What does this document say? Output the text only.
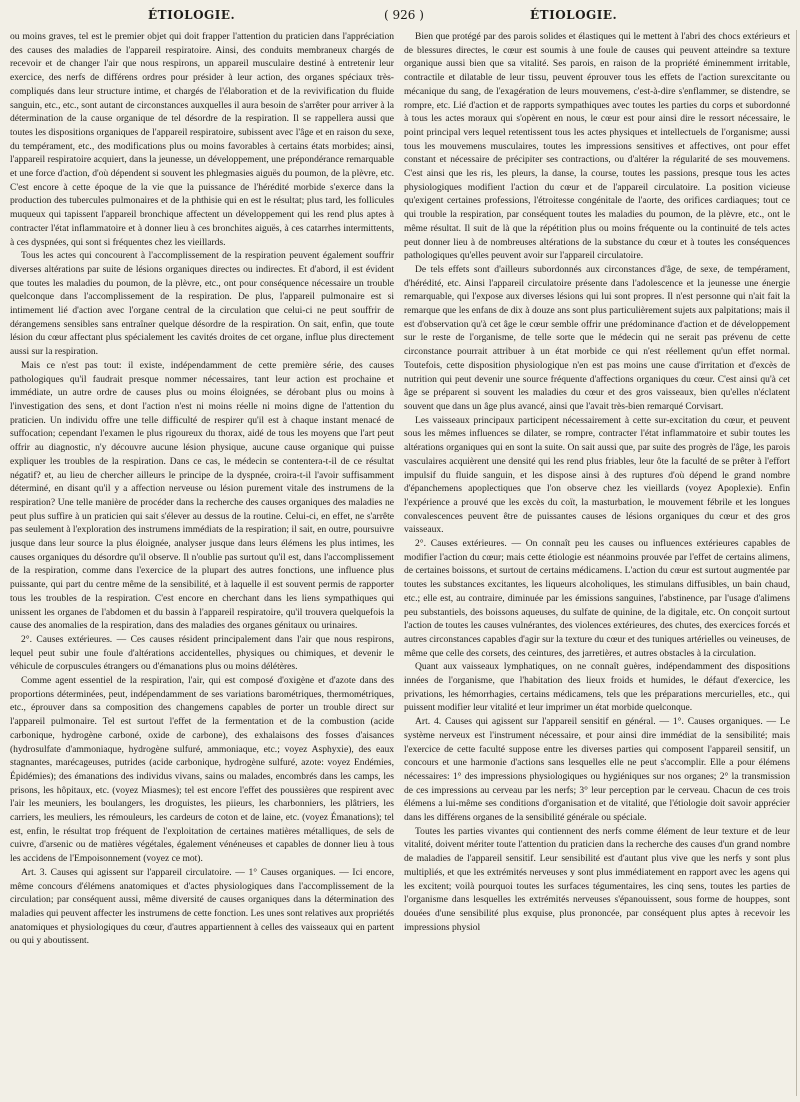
ÉTIOLOGIE.	( 926 )	ÉTIOLOGIE.

ou moins graves, tel est le premier objet qui doit frapper l'attention du praticien dans l'appréciation des causes des maladies de l'appareil respiratoire. Ainsi, des conduits membraneux chargés de recevoir et de changer l'air que nous respirons, un appareil musculaire destiné à entretenir leur exercice, des nerfs de différens ordres pour présider à leur action, des organes spéciaux très-compliqués dans leur structure intime, et chargés de l'élaboration et de la revivification du fluide sanguin, etc., etc., sont autant de circonstances auxquelles il aura besoin de s'arrêter pour arriver à la détermination de la cause organique de tel désordre de la respiration. Il se rappellera aussi que toutes les dispositions organiques de l'appareil respiratoire, subissent avec l'âge et en raison du sexe, du tempérament, etc., des modifications plus ou moins favorables à certains états morbides; ainsi, l'appareil respiratoire acquiert, dans la jeunesse, un développement, une prépondérance remarquable et une force d'action, d'où dépendent si souvent les phlegmasies aiguës du poumon, de la plèvre, etc. C'est encore à cette époque de la vie que la puissance de l'hérédité morbide s'exerce dans la production des tubercules pulmonaires et de la phthisie qui en est le résultat; plus tard, les follicules muqueux qui tapissent l'appareil bronchique affectent un développement qui les rend plus aptes à contracter l'état inflammatoire et à donner lieu à ces bronchites aiguës, à ces catarrhes intermittents, à ces dyspnées, qui sont si fréquentes chez les vieillards.

Tous les actes qui concourent à l'accomplissement de la respiration peuvent également souffrir diverses altérations par suite de lésions organiques directes ou indirectes. Et d'abord, il est évident que toutes les maladies du poumon, de la plèvre, etc., ont pour conséquence nécessaire un trouble quelconque dans l'accomplissement de la respiration. De plus, l'appareil pulmonaire est si intimement lié d'action avec l'organe central de la circulation que celui-ci ne peut souffrir de dérangemens sensibles sans entraîner quelque désordre de la respiration. On sait, enfin, que toute lésion du cœur affectant plus spécialement les cavités droites de cet organe, influe plus directement aussi sur la respiration.

Mais ce n'est pas tout: il existe, indépendamment de cette première série, des causes pathologiques qu'il faudrait presque nommer nécessaires, tant leur action est prochaine et immédiate, un autre ordre de causes plus ou moins éloignées, se dérobant plus ou moins à l'investigation des sens, et dont l'action n'est ni moins réelle ni moins digne de l'attention du praticien. Un individu offre une telle difficulté de respirer qu'il est à chaque instant menacé de suffocation; cependant l'examen le plus rigoureux du thorax, aidé de tous les moyens que l'art peut offrir au diagnostic, n'y découvre aucune lésion physique, aucune cause organique qui puisse expliquer les troubles de la respiration. Dans ce cas, le médecin se contentera-t-il de ce résultat négatif? et, au lieu de chercher ailleurs le principe de la dyspnée, croira-t-il l'avoir suffisamment déterminé, en disant qu'il y a affection nerveuse ou lésion purement vitale des instrumens de la respiration? Une telle manière de procéder dans la recherche des causes organiques des maladies ne peut plus suffire à un praticien qui sait s'élever au dessus de la routine. Celui-ci, en effet, ne s'arrête pas seulement à l'exploration des instrumens immédiats de la respiration; il sait, en outre, poursuivre jusque dans leur source la plus éloignée, analyser jusque dans leurs élémens les plus intimes, les causes organiques du désordre qu'il observe. Il n'oublie pas surtout qu'il est, dans l'accomplissement de la respiration, comme dans l'exercice de la plupart des autres fonctions, une influence plus puissante, qui part du centre même de la sensibilité, et à laquelle il est souvent permis de rapporter tous les troubles de la respiration. C'est encore en cherchant dans les liens sympathiques qui unissent les organes de l'abdomen et du bassin à l'appareil respiratoire, qu'il trouvera quelquefois la cause des anomalies de la respiration, dans des maladies des organes génitaux ou urinaires.

2°. Causes extérieures. — Ces causes résident principalement dans l'air que nous respirons, lequel peut subir une foule d'altérations accidentelles, physiques ou chimiques, et devenir le véhicule de corpuscules étrangers ou d'émanations plus ou moins délétères.

Comme agent essentiel de la respiration, l'air, qui est composé d'oxigène et d'azote dans des proportions déterminées, peut, indépendamment de ses variations barométriques, thermométriques, etc., éprouver dans sa composition des changemens capables de porter un trouble direct sur l'appareil pulmonaire. Tel est surtout l'effet de la fermentation et de la combustion (acide carbonique, hydrogène carboné, oxide de carbone), des exhalaisons des fosses d'aisances (hydrosulfate d'ammoniaque, hydrogène sulfuré, ammoniaque, etc.; voyez Asphyxie), des eaux stagnantes, marécageuses, putrides (acide carbonique, hydrogène sulfuré, azote: voyez Endémies, Épidémies); des émanations des individus vivans, sains ou malades, encombrés dans les camps, les prisons, les hôpitaux, etc. (voyez Miasmes); tel est encore l'effet des poussières que respirent avec l'air les meuniers, les boulangers, les droguistes, les piieurs, les charbonniers, les plâtriers, les carriers, les meuliers, les rémouleurs, les cardeurs de coton et de laine, etc. (voyez Émanations); tel est, enfin, le résultat trop fréquent de l'exploitation de certaines matières métalliques, de sels de cuivre, d'arsenic ou de matières végétales, également vénéneuses et capables de donner lieu à tous les accidens de l'Empoisonnement (voyez ce mot).

Art. 3. Causes qui agissent sur l'appareil circulatoire. — 1° Causes organiques. — Ici encore, même concours d'élémens anatomiques et d'actes physiologiques dans l'accomplissement de la circulation; par conséquent aussi, même diversité de causes organiques dans la détermination des maladies qui peuvent affecter les instrumens de cette fonction. Les unes sont relatives aux propriétés anatomiques et physiologiques du cœur, d'autres appartiennent à celles des vaisseaux qui en partent ou qui y aboutissent.

Bien que protégé par des parois solides et élastiques qui le mettent à l'abri des chocs extérieurs et de blessures directes, le cœur est soumis à une foule de causes qui peuvent atteindre sa texture organique aussi bien que sa vitalité. Ses parois, en raison de la propriété éminemment irritable, contractile et dilatable de leur tissu, peuvent éprouver tous les effets de l'action surexcitante ou mécanique du sang, de l'exagération de leurs mouvemens, c'est-à-dire s'enflammer, se distendre, se rompre, etc. Lié d'action et de rapports sympathiques avec toutes les parties du corps et subordonné à tous les actes moraux qui s'opèrent en nous, le cœur est pour ainsi dire le ressort nécessaire, le point principal vers lequel retentissent tous les actes physiques et intellectuels de l'organisme; aussi tous les mouvemens musculaires, toutes les impressions sensitives et affectives, ont pour effet constant et nécessaire de précipiter ses contractions, ou d'altérer la régularité de ses mouvemens. C'est ainsi que les ris, les pleurs, la danse, la course, toutes les passions, presque tous les actes physiologiques modifient l'action du cœur et de l'appareil circulatoire. La position vicieuse qu'exigent certaines professions, l'étroitesse congénitale de l'aorte, des orifices cardiaques; tout ce qui trouble la respiration, par conséquent toutes les maladies du poumon, de la plèvre, etc., ont le même résultat. Il suit de là que la répétition plus ou moins fréquente ou la continuité de tels actes peut donner lieu à de nombreuses altérations de la substance du cœur et à toutes les conséquences pathologiques qu'elles peuvent avoir sur l'appareil circulatoire.

De tels effets sont d'ailleurs subordonnés aux circonstances d'âge, de sexe, de tempérament, d'hérédité, etc. Ainsi l'appareil circulatoire présente dans l'adolescence et la jeunesse une énergie remarquable, qui l'expose aux diverses lésions qui lui sont propres. Il n'est personne qui n'ait fait la remarque que les enfans de dix à douze ans sont plus particulièrement sujets aux palpitations; mais il est d'observation qu'à cet âge le cœur semble offrir une prédominance d'action et de développement sur le reste de l'organisme, de telle sorte que le médecin qui ne serait pas prévenu de cette circonstance pourrait attribuer à un état morbide ce qui n'est réellement qu'un effet normal. Toutefois, cette disposition physiologique n'en est pas moins une cause d'irritation et d'excès de nutrition qui peut devenir une source fréquente d'affections organiques du cœur. C'est ainsi qu'à cet âge se préparent si souvent les maladies du cœur et des gros vaisseaux, bien qu'elles n'éclatent souvent que dans un âge plus avancé, ainsi que l'avait très-bien remarqué Corvisart.

Les vaisseaux principaux participent nécessairement à cette sur-excitation du cœur, et peuvent sous les mêmes influences se dilater, se rompre, contracter l'état inflammatoire et subir toutes les altérations organiques qui en sont la suite. On sait aussi que, par suite des progrès de l'âge, les parois vasculaires acquièrent une densité qui les rend plus friables, leur ôte la faculté de se prêter à l'effort impulsif du fluide sanguin, et les dispose ainsi à des ruptures d'où dépend le grand nombre d'épanchemens apoplectiques que l'on observe chez les vieillards (voyez Apoplexie). Enfin l'expérience a prouvé que les excès du coït, la masturbation, le mouvement fébrile et les longues convalescences peuvent être de puissantes causes de lésions organiques du cœur et des gros vaisseaux.

2°. Causes extérieures. — On connaît peu les causes ou influences extérieures capables de modifier l'action du cœur; mais cette étiologie est néanmoins prouvée par l'effet de certains alimens, de certaines boissons, et surtout de certains médicamens. L'action du cœur est surtout augmentée par toutes les substances excitantes, les liqueurs alcoholiques, les stimulans diffusibles, un bain chaud, etc.; elle est, au contraire, diminuée par les émissions sanguines, l'abstinence, par l'usage d'alimens peu substantiels, des boissons aqueuses, du sulfate de quinine, de la digitale, etc. On conçoit surtout l'action de toutes les causes vulnérantes, des violences extérieures, des chutes, des exercices forcés et autres circonstances capables d'agir sur la texture du cœur et des tuniques artérielles ou veineuses, de même que celle des corsets, des ceintures, des jarretières, et autres obstacles à la circulation.

Quant aux vaisseaux lymphatiques, on ne connaît guères, indépendamment des dispositions innées de l'organisme, que l'habitation des lieux froids et humides, le défaut d'exercice, les privations, les hémorrhagies, certains médicamens, tels que les préparations mercurielles, etc., qui puissent modifier leur vitalité et leur imprimer un état morbide quelconque.

Art. 4. Causes qui agissent sur l'appareil sensitif en général. — 1°. Causes organiques. — Le système nerveux est l'instrument nécessaire, et pour ainsi dire immédiat de la sensibilité; mais l'exercice de cette faculté suppose entre les diverses parties qui composent l'appareil sensitif, un concours et une harmonie d'actions sans lesquelles elle ne peut s'accomplir. Elle a pour élémens nécessaires: 1° des impressions physiologiques ou hygiéniques sur nos organes; 2° la transmission de ces impressions au cerveau par les nerfs; 3° leur perception par le cerveau. Chacun de ces trois élémens a lui-même ses conditions d'organisation et de vitalité, que l'étiologie doit savoir apprécier dans les différens organes de la sensibilité générale ou spéciale.

Toutes les parties vivantes qui contiennent des nerfs comme élément de leur texture et de leur vitalité, doivent mériter toute l'attention du praticien dans la recherche des causes d'un grand nombre de maladies de l'appareil sensitif. Leur sensibilité est d'autant plus vive que les nerfs y sont plus multipliés, et que les extrémités nerveuses y sont plus immédiatement en rapport avec les agens qui les excitent; voilà pourquoi toutes les surfaces tégumentaires, les cinq sens, toutes les parties de l'organisme dans lesquelles les extrémités nerveuses s'épanouissent, sous forme de houppes, sont douées d'une sensibilité plus exquise, plus prononcée, par conséquent plus aptes à recevoir les impressions physiol
